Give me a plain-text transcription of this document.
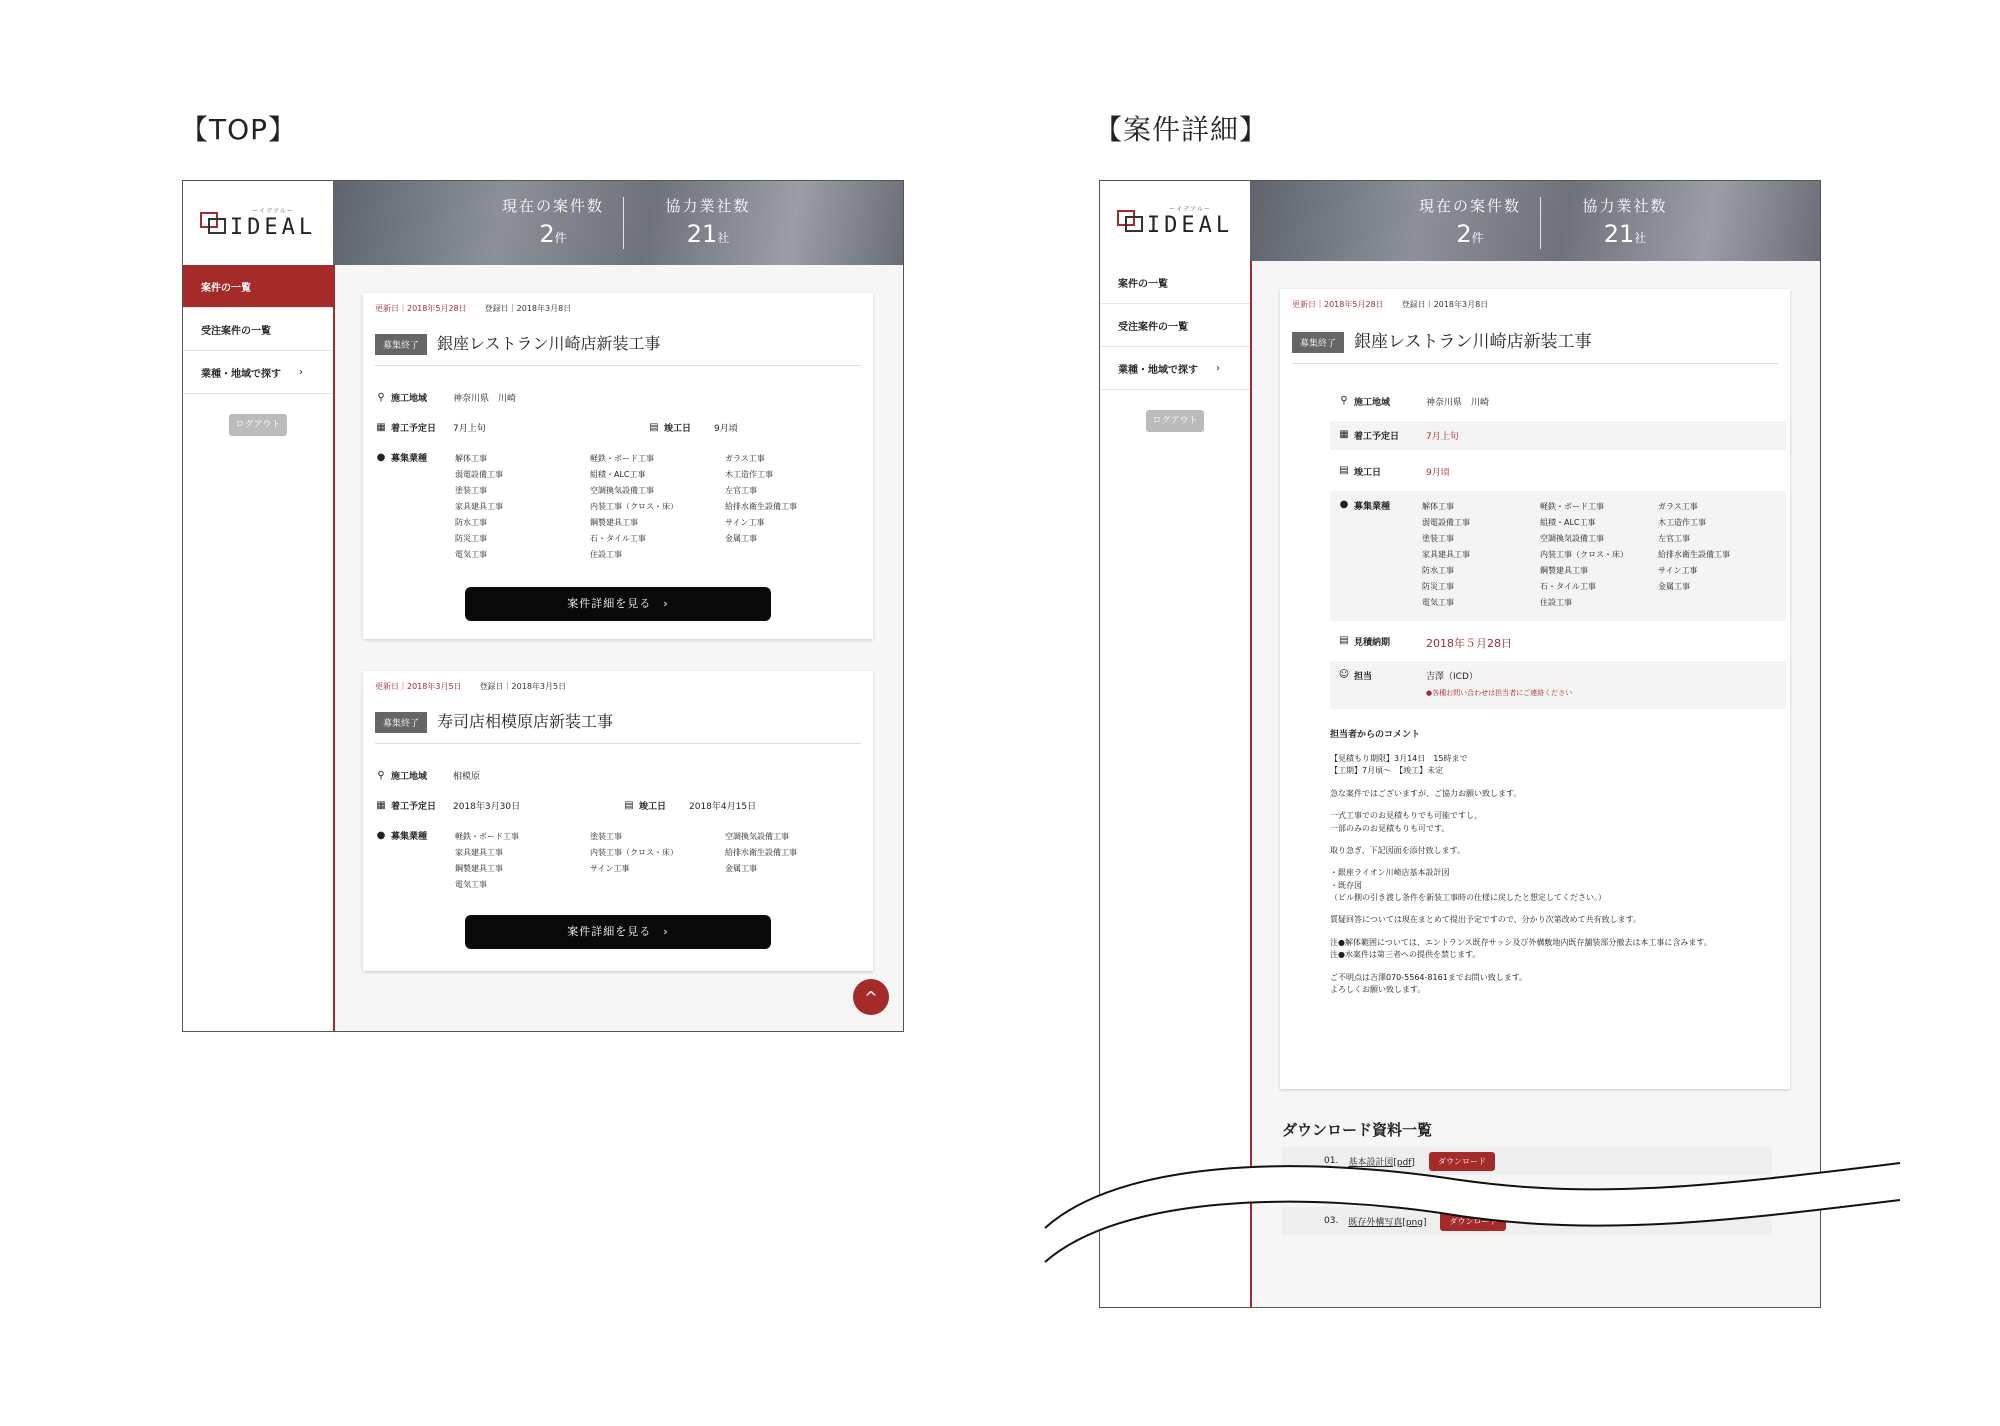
【TOP】	【案件詳細】
ーイデアルー
IDEAL
案件の一覧
受注案件の一覧
業種・地域で探す ›
ログアウト
現在の案件数
2件
協力業社数
21社
更新日｜2018年5月28日 登録日｜2018年3月8日
募集終了 銀座レストラン川崎店新装工事
⚲ 施工地域	神奈川県　川崎
▦ 着工予定日	7月上旬	▤ 竣工日	9月頃
● 募集業種	解体工事	軽鉄・ボード工事	ガラス工事
弱電設備工事	組積・ALC工事	木工造作工事
塗装工事	空調換気設備工事	左官工事
家具建具工事	内装工事（クロス・床）	給排水衛生設備工事
防水工事	鋼製建具工事	サイン工事
防災工事	石・タイル工事	金属工事
電気工事	住設工事
案件詳細を見る　›
更新日｜2018年3月5日 登録日｜2018年3月5日
募集終了 寿司店相模原店新装工事
⚲ 施工地域	相模原
▦ 着工予定日	2018年3月30日	▤ 竣工日	2018年4月15日
● 募集業種	軽鉄・ボード工事	塗装工事	空調換気設備工事
家具建具工事	内装工事（クロス・床）	給排水衛生設備工事
鋼製建具工事	サイン工事	金属工事
電気工事
案件詳細を見る　›
^
ーイデアルー
IDEAL
案件の一覧
受注案件の一覧
業種・地域で探す ›
ログアウト
現在の案件数
2件
協力業社数
21社
更新日｜2018年5月28日 登録日｜2018年3月8日
募集終了 銀座レストラン川崎店新装工事
⚲ 施工地域	神奈川県　川崎
▦ 着工予定日	7月上旬
▤ 竣工日	9月頃
● 募集業種	解体工事	軽鉄・ボード工事	ガラス工事
弱電設備工事	組積・ALC工事	木工造作工事
塗装工事	空調換気設備工事	左官工事
家具建具工事	内装工事（クロス・床）	給排水衛生設備工事
防水工事	鋼製建具工事	サイン工事
防災工事	石・タイル工事	金属工事
電気工事	住設工事
▤ 見積納期	2018年５月28日
☺ 担当	吉澤（ICD）
●各種お問い合わせは担当者にご連絡ください
担当者からのコメント
【見積もり期限】3月14日　15時まで
【工期】7月頃～　【竣工】未定
急な案件ではございますが、ご協力お願い致します。
一式工事でのお見積もりでも可能ですし、
一部のみのお見積もりも可です。
取り急ぎ、下記図面を添付致します。
・銀座ライオン川崎店基本設計図
・既存図
（ビル側の引き渡し条件を新装工事時の仕様に戻したと想定してください。）
質疑回答については現在まとめて提出予定ですので、分かり次第改めて共有致します。
注●解体範囲については、エントランス既存サッシ及び外構敷地内既存舗装部分撤去は本工事に含みます。
注●水案件は第三者への提供を禁じます。
ご不明点は吉澤070-5564-8161までお問い致します。
よろしくお願い致します。
ダウンロード資料一覧
01. 基本設計図[pdf]	ダウンロード
03. 既存外構写真[png]	ダウンロード
